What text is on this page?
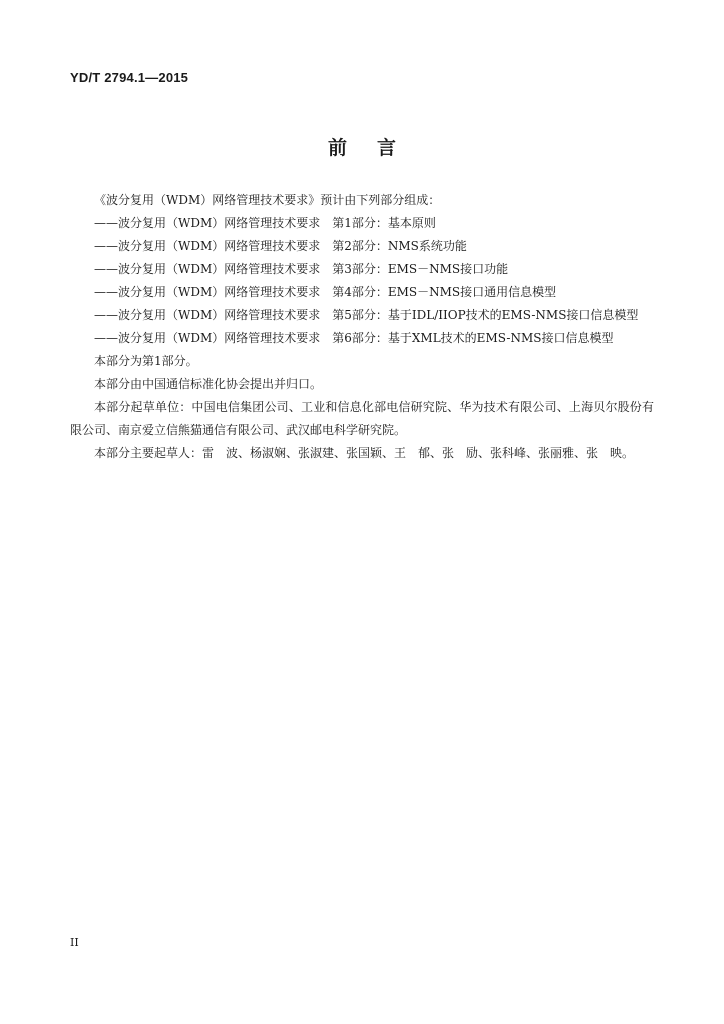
YD/T 2794.1—2015
前言
《波分复用（WDM）网络管理技术要求》预计由下列部分组成：
——波分复用（WDM）网络管理技术要求　第1部分：基本原则
——波分复用（WDM）网络管理技术要求　第2部分：NMS系统功能
——波分复用（WDM）网络管理技术要求　第3部分：EMS－NMS接口功能
——波分复用（WDM）网络管理技术要求　第4部分：EMS－NMS接口通用信息模型
——波分复用（WDM）网络管理技术要求　第5部分：基于IDL/IIOP技术的EMS-NMS接口信息模型
——波分复用（WDM）网络管理技术要求　第6部分：基于XML技术的EMS-NMS接口信息模型
本部分为第1部分。
本部分由中国通信标准化协会提出并归口。
本部分起草单位：中国电信集团公司、工业和信息化部电信研究院、华为技术有限公司、上海贝尔股份有限公司、南京爱立信熊猫通信有限公司、武汉邮电科学研究院。
本部分主要起草人：雷　波、杨淑娴、张淑建、张国颖、王　郁、张　励、张科峰、张丽雅、张　映。
II
